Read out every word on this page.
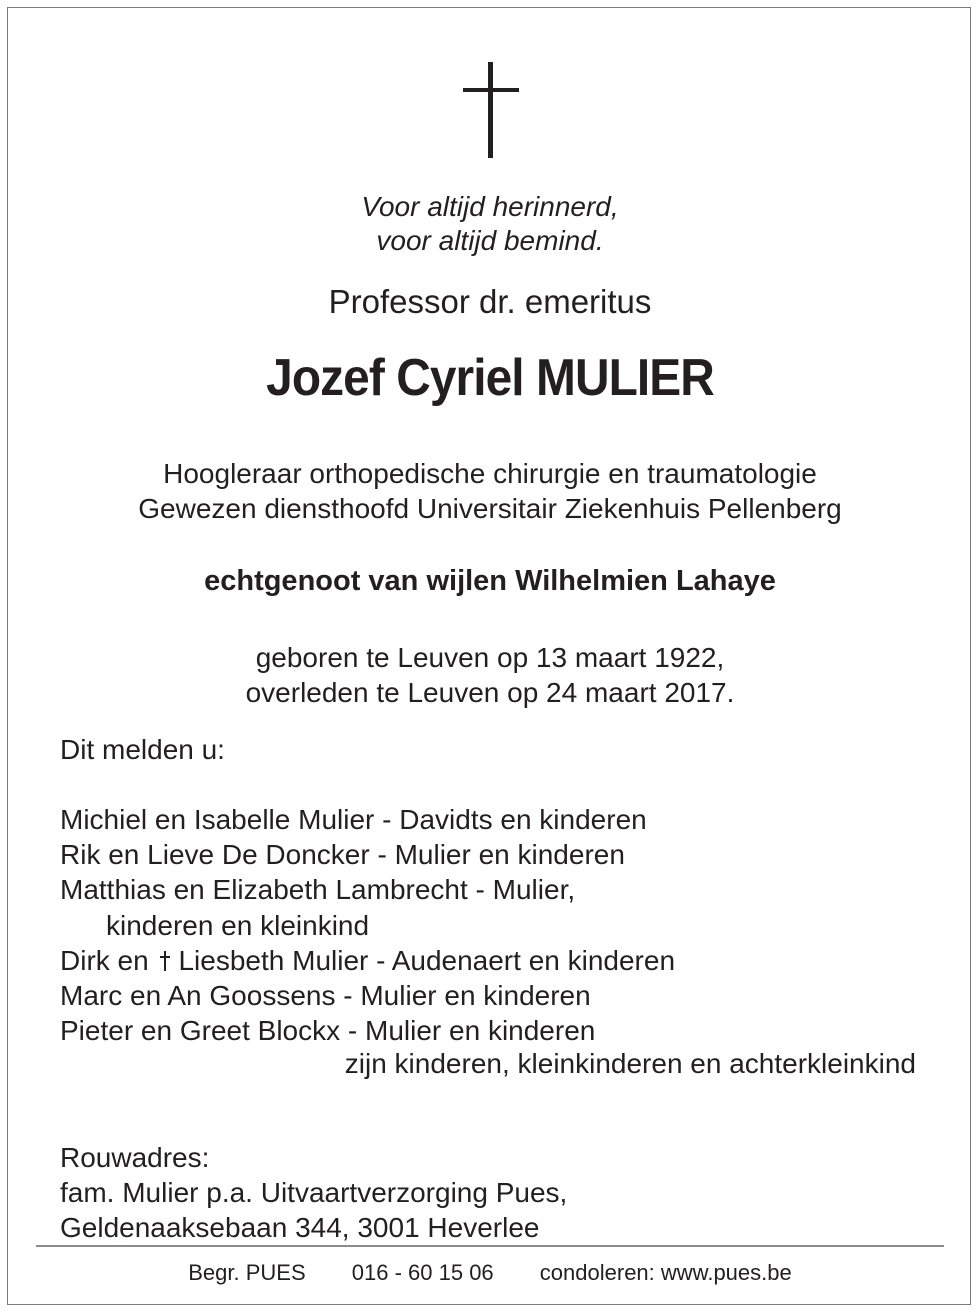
Voor altijd herinnerd,
voor altijd bemind.
Professor dr. emeritus
Jozef Cyriel MULIER
Hoogleraar orthopedische chirurgie en traumatologie
Gewezen diensthoofd Universitair Ziekenhuis Pellenberg
echtgenoot van wijlen Wilhelmien Lahaye
geboren te Leuven op 13 maart 1922,
overleden te Leuven op 24 maart 2017.
Dit melden u:
Michiel en Isabelle Mulier - Davidts en kinderen
Rik en Lieve De Doncker - Mulier en kinderen
Matthias en Elizabeth Lambrecht - Mulier,
kinderen en kleinkind
Dirk en Liesbeth Mulier - Audenaert en kinderen
Marc en An Goossens - Mulier en kinderen
Pieter en Greet Blockx - Mulier en kinderen
zijn kinderen, kleinkinderen en achterkleinkind
Rouwadres:
fam. Mulier p.a. Uitvaartverzorging Pues,
Geldenaaksebaan 344, 3001 Heverlee
Begr. PUES 016 - 60 15 06 condoleren: www.pues.be
